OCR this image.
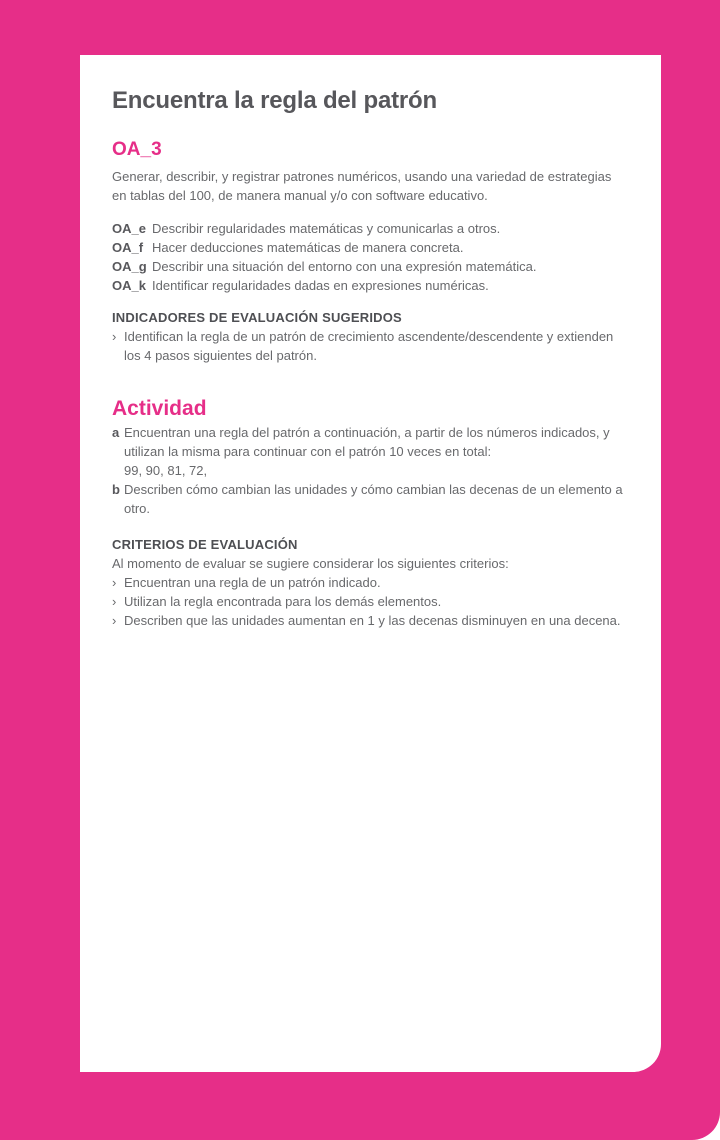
Encuentra la regla del patrón
OA_3

Generar, describir, y registrar patrones numéricos, usando una variedad de estrategias en tablas del 100, de manera manual y/o con software educativo.

OA_e Describir regularidades matemáticas y comunicarlas a otros.
OA_f Hacer deducciones matemáticas de manera concreta.
OA_g Describir una situación del entorno con una expresión matemática.
OA_k Identificar regularidades dadas en expresiones numéricas.
INDICADORES DE EVALUACIÓN SUGERIDOS
› Identifican la regla de un patrón de crecimiento ascendente/descendente y extienden los 4 pasos siguientes del patrón.
Actividad
a Encuentran una regla del patrón a continuación, a partir de los números indicados, y utilizan la misma para continuar con el patrón 10 veces en total:
99, 90, 81, 72,
b Describen cómo cambian las unidades y cómo cambian las decenas de un elemento a otro.
CRITERIOS DE EVALUACIÓN

Al momento de evaluar se sugiere considerar los siguientes criterios:

› Encuentran una regla de un patrón indicado.
› Utilizan la regla encontrada para los demás elementos.
› Describen que las unidades aumentan en 1 y las decenas disminuyen en una decena.
